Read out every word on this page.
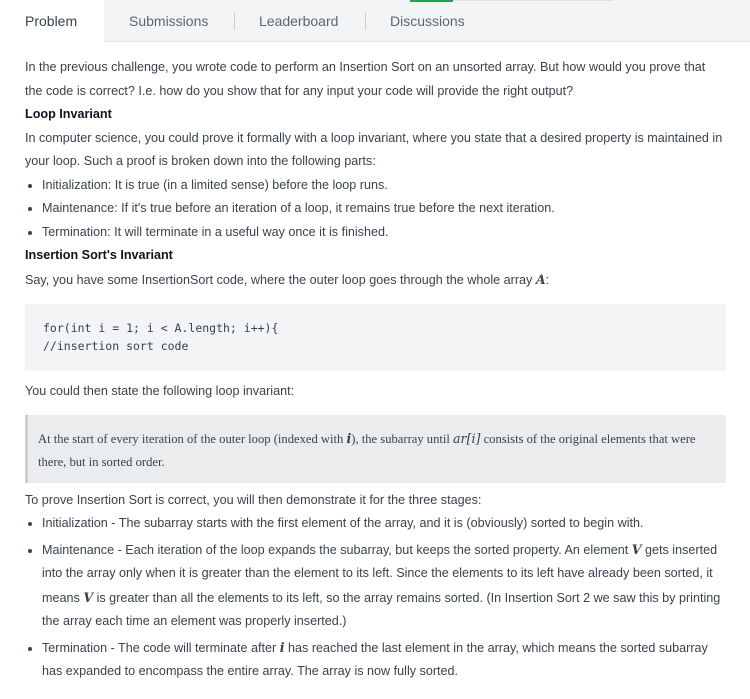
Problem	Submissions	Leaderboard	Discussions

In the previous challenge, you wrote code to perform an Insertion Sort on an unsorted array. But how would you prove that the code is correct? I.e. how do you show that for any input your code will provide the right output?

Loop Invariant

In computer science, you could prove it formally with a loop invariant, where you state that a desired property is maintained in your loop. Such a proof is broken down into the following parts:

• Initialization: It is true (in a limited sense) before the loop runs.
• Maintenance: If it's true before an iteration of a loop, it remains true before the next iteration.
• Termination: It will terminate in a useful way once it is finished.
Insertion Sort's Invariant

Say, you have some InsertionSort code, where the outer loop goes through the whole array A:

for(int i = 1; i < A.length; i++){
//insertion sort code

You could then state the following loop invariant:

At the start of every iteration of the outer loop (indexed with i), the subarray until ar[i] consists of the original elements that were there, but in sorted order.

To prove Insertion Sort is correct, you will then demonstrate it for the three stages:

• Initialization - The subarray starts with the first element of the array, and it is (obviously) sorted to begin with.
• Maintenance - Each iteration of the loop expands the subarray, but keeps the sorted property. An element V gets inserted into the array only when it is greater than the element to its left. Since the elements to its left have already been sorted, it means V is greater than all the elements to its left, so the array remains sorted. (In Insertion Sort 2 we saw this by printing the array each time an element was properly inserted.)
• Termination - The code will terminate after i has reached the last element in the array, which means the sorted subarray has expanded to encompass the entire array. The array is now fully sorted.
